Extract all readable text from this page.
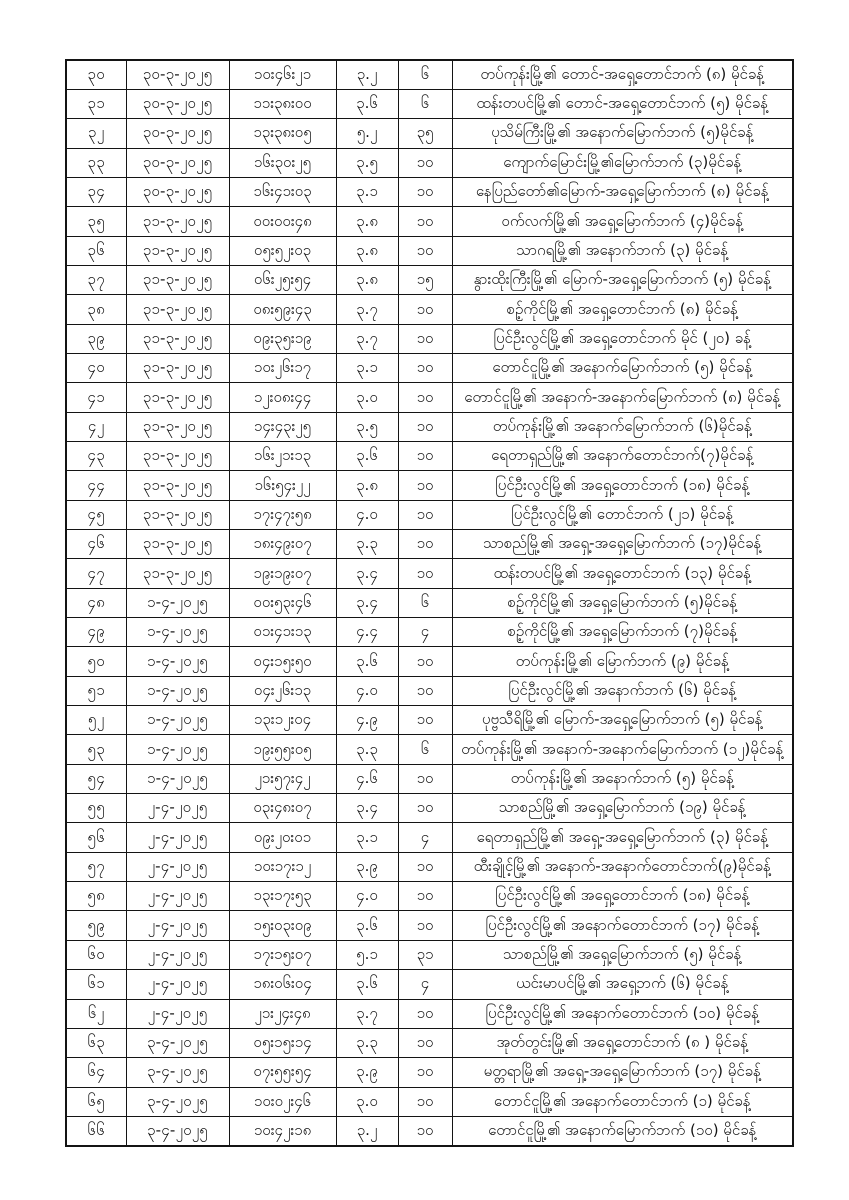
၃၀	၃၀-၃-၂၀၂၅	၁၀း၄၆း၂၁	၃.၂	၆	တပ်ကုန်းမြို့၏ တောင်-အရှေ့တောင်ဘက် (၈) မိုင်ခန့်
၃၁	၃၀-၃-၂၀၂၅	၁၁း၃၈း၀၀	၃.၆	၆	ထန်းတပင်မြို့၏ တောင်-အရှေ့တောင်ဘက် (၅) မိုင်ခန့်
၃၂	၃၀-၃-၂၀၂၅	၁၃း၃၈း၀၅	၅.၂	၃၅	ပုသိမ်ကြီးမြို့၏ အနောက်မြောက်ဘက် (၅)မိုင်ခန့်
၃၃	၃၀-၃-၂၀၂၅	၁၆း၃၀း၂၅	၃.၅	၁၀	ကျောက်မြောင်းမြို့၏မြောက်ဘက် (၃)မိုင်ခန့်
၃၄	၃၀-၃-၂၀၂၅	၁၆း၄၁း၀၃	၃.၁	၁၀	နေပြည်တော်၏မြောက်-အရှေ့မြောက်ဘက် (၈) မိုင်ခန့်
၃၅	၃၁-၃-၂၀၂၅	၀၀း၀၀း၄၈	၃.၈	၁၀	ဝက်လက်မြို့၏ အရှေ့မြောက်ဘက် (၄)မိုင်ခန့်
၃၆	၃၁-၃-၂၀၂၅	၀၅း၅၂း၀၃	၃.၈	၁၀	သာဂရမြို့၏ အနောက်ဘက် (၃) မိုင်ခန့်
၃၇	၃၁-၃-၂၀၂၅	၀၆း၂၅း၅၄	၃.၈	၁၅	နွားထိုးကြီးမြို့၏ မြောက်-အရှေ့မြောက်ဘက် (၅) မိုင်ခန့်
၃၈	၃၁-၃-၂၀၂၅	၀၈း၅၉း၄၃	၃.၇	၁၀	စဉ့်ကိုင်မြို့၏ အရှေ့တောင်ဘက် (၈) မိုင်ခန့်
၃၉	၃၁-၃-၂၀၂၅	၀၉း၃၅း၁၉	၃.၇	၁၀	ပြင်ဦးလွင်မြို့၏ အရှေ့တောင်ဘက် မိုင် (၂၀) ခန့်
၄၀	၃၁-၃-၂၀၂၅	၁၀း၂၆း၁၇	၃.၁	၁၀	တောင်ငူမြို့၏ အနောက်မြောက်ဘက် (၅) မိုင်ခန့်
၄၁	၃၁-၃-၂၀၂၅	၁၂း၀၈း၄၄	၃.၀	၁၀	တောင်ငူမြို့၏ အနောက်-အနောက်မြောက်ဘက် (၈) မိုင်ခန့်
၄၂	၃၁-၃-၂၀၂၅	၁၄း၄၃း၂၅	၃.၅	၁၀	တပ်ကုန်းမြို့၏ အနောက်မြောက်ဘက် (၆)မိုင်ခန့်
၄၃	၃၁-၃-၂၀၂၅	၁၆း၂၁း၁၃	၃.၆	၁၀	ရေတာရှည်မြို့၏ အနောက်တောင်ဘက်(၇)မိုင်ခန့်
၄၄	၃၁-၃-၂၀၂၅	၁၆း၅၄း၂၂	၃.၈	၁၀	ပြင်ဦးလွင်မြို့၏ အရှေ့တောင်ဘက် (၁၈) မိုင်ခန့်
၄၅	၃၁-၃-၂၀၂၅	၁၇း၄၇း၅၈	၄.၀	၁၀	ပြင်ဦးလွင်မြို့၏ တောင်ဘက် (၂၁) မိုင်ခန့်
၄၆	၃၁-၃-၂၀၂၅	၁၈း၄၉း၀၇	၃.၃	၁၀	သာစည်မြို့၏ အရှေ့-အရှေ့မြောက်ဘက် (၁၇)မိုင်ခန့်
၄၇	၃၁-၃-၂၀၂၅	၁၉း၁၉း၀၇	၃.၄	၁၀	ထန်းတပင်မြို့၏ အရှေ့တောင်ဘက် (၁၃) မိုင်ခန့်
၄၈	၁-၄-၂၀၂၅	၀၀း၅၃း၄၆	၃.၄	၆	စဉ့်ကိုင်မြို့၏ အရှေ့မြောက်ဘက် (၅)မိုင်ခန့်
၄၉	၁-၄-၂၀၂၅	၀၁း၄၁း၁၃	၄.၄	၄	စဉ့်ကိုင်မြို့၏ အရှေ့မြောက်ဘက် (၇)မိုင်ခန့်
၅၀	၁-၄-၂၀၂၅	၀၄း၁၅း၅၀	၃.၆	၁၀	တပ်ကုန်းမြို့၏ မြောက်ဘက် (၉) မိုင်ခန့်
၅၁	၁-၄-၂၀၂၅	၀၄း၂၆း၁၃	၄.၀	၁၀	ပြင်ဦးလွင်မြို့၏ အနောက်ဘက် (၆) မိုင်ခန့်
၅၂	၁-၄-၂၀၂၅	၁၃း၁၂း၀၄	၄.၉	၁၀	ပုဗ္ဗသီရိမြို့၏ မြောက်-အရှေ့မြောက်ဘက် (၅) မိုင်ခန့်
၅၃	၁-၄-၂၀၂၅	၁၉း၅၅း၀၅	၃.၃	၆	တပ်ကုန်းမြို့၏ အနောက်-အနောက်မြောက်ဘက် (၁၂)မိုင်ခန့်
၅၄	၁-၄-၂၀၂၅	၂၁း၅၇း၄၂	၄.၆	၁၀	တပ်ကုန်းမြို့၏ အနောက်ဘက် (၅) မိုင်ခန့်
၅၅	၂-၄-၂၀၂၅	၀၃း၄၈း၀၇	၃.၄	၁၀	သာစည်မြို့၏ အရှေ့မြောက်ဘက် (၁၉) မိုင်ခန့်
၅၆	၂-၄-၂၀၂၅	၀၉း၂၀း၀၁	၃.၁	၄	ရေတာရှည်မြို့၏ အရှေ့-အရှေ့မြောက်ဘက် (၃) မိုင်ခန့်
၅၇	၂-၄-၂၀၂၅	၁၀း၁၇း၁၂	၃.၉	၁၀	ထီးချိုင့်မြို့၏ အနောက်-အနောက်တောင်ဘက်(၉)မိုင်ခန့်
၅၈	၂-၄-၂၀၂၅	၁၃း၁၇း၅၃	၄.၀	၁၀	ပြင်ဦးလွင်မြို့၏ အရှေ့တောင်ဘက် (၁၈) မိုင်ခန့်
၅၉	၂-၄-၂၀၂၅	၁၅း၀၃း၀၉	၃.၆	၁၀	ပြင်ဦးလွင်မြို့၏ အနောက်တောင်ဘက် (၁၇) မိုင်ခန့်
၆၀	၂-၄-၂၀၂၅	၁၇း၁၅း၀၇	၅.၁	၃၁	သာစည်မြို့၏ အရှေ့မြောက်ဘက် (၅) မိုင်ခန့်
၆၁	၂-၄-၂၀၂၅	၁၈း၀၆း၀၄	၃.၆	၄	ယင်းမာပင်မြို့၏ အရှေ့ဘက် (၆) မိုင်ခန့်
၆၂	၂-၄-၂၀၂၅	၂၁း၂၄း၄၈	၃.၇	၁၀	ပြင်ဦးလွင်မြို့၏ အနောက်တောင်ဘက် (၁၀) မိုင်ခန့်
၆၃	၃-၄-၂၀၂၅	၀၅း၁၅း၁၄	၃.၃	၁၀	အုတ်တွင်းမြို့၏ အရှေ့တောင်ဘက် (၈ ) မိုင်ခန့်
၆၄	၃-၄-၂၀၂၅	၀၇း၅၅း၅၄	၃.၉	၁၀	မတ္တရာမြို့၏ အရှေ့-အရှေ့မြောက်ဘက် (၁၇) မိုင်ခန့်
၆၅	၃-၄-၂၀၂၅	၁၀း၀၂း၄၆	၃.၀	၁၀	တောင်ငူမြို့၏ အနောက်တောင်ဘက် (၁) မိုင်ခန့်
၆၆	၃-၄-၂၀၂၅	၁၀း၄၂း၁၈	၃.၂	၁၀	တောင်ငူမြို့၏ အနောက်မြောက်ဘက် (၁၀) မိုင်ခန့်
